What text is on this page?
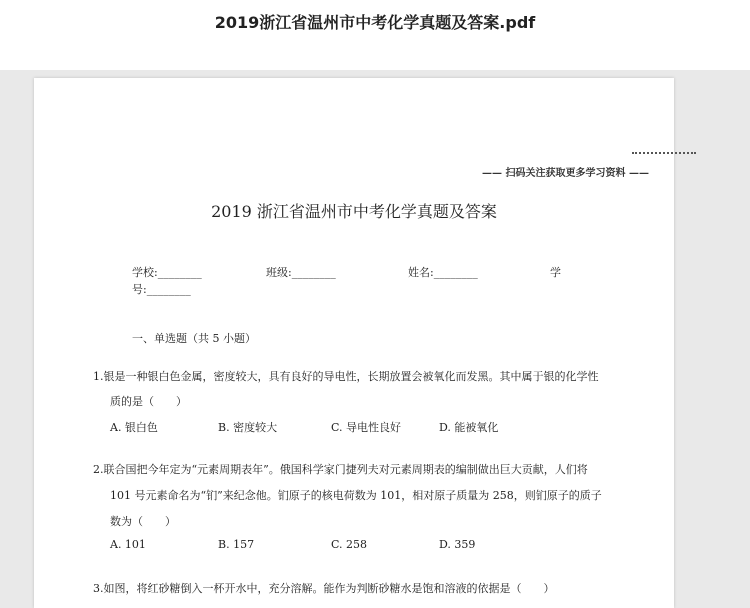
2019浙江省温州市中考化学真题及答案.pdf
—— 扫码关注获取更多学习资料 ——
2019 浙江省温州市中考化学真题及答案
学校:________	班级:________	姓名:________	学
号:________
一、单选题（共 5 小题）
1.银是一种银白色金属，密度较大，具有良好的导电性，长期放置会被氧化而发黑。其中属于银的化学性
质的是（　　）
A. 银白色	B. 密度较大	C. 导电性良好	D. 能被氧化
2.联合国把今年定为“元素周期表年”。俄国科学家门捷列夫对元素周期表的编制做出巨大贡献，人们将
101 号元素命名为“钔”来纪念他。钔原子的核电荷数为 101，相对原子质量为 258，则钔原子的质子
数为（　　）
A. 101	B. 157	C. 258	D. 359
3.如图，将红砂糖倒入一杯开水中，充分溶解。能作为判断砂糖水是饱和溶液的依据是（　　）
